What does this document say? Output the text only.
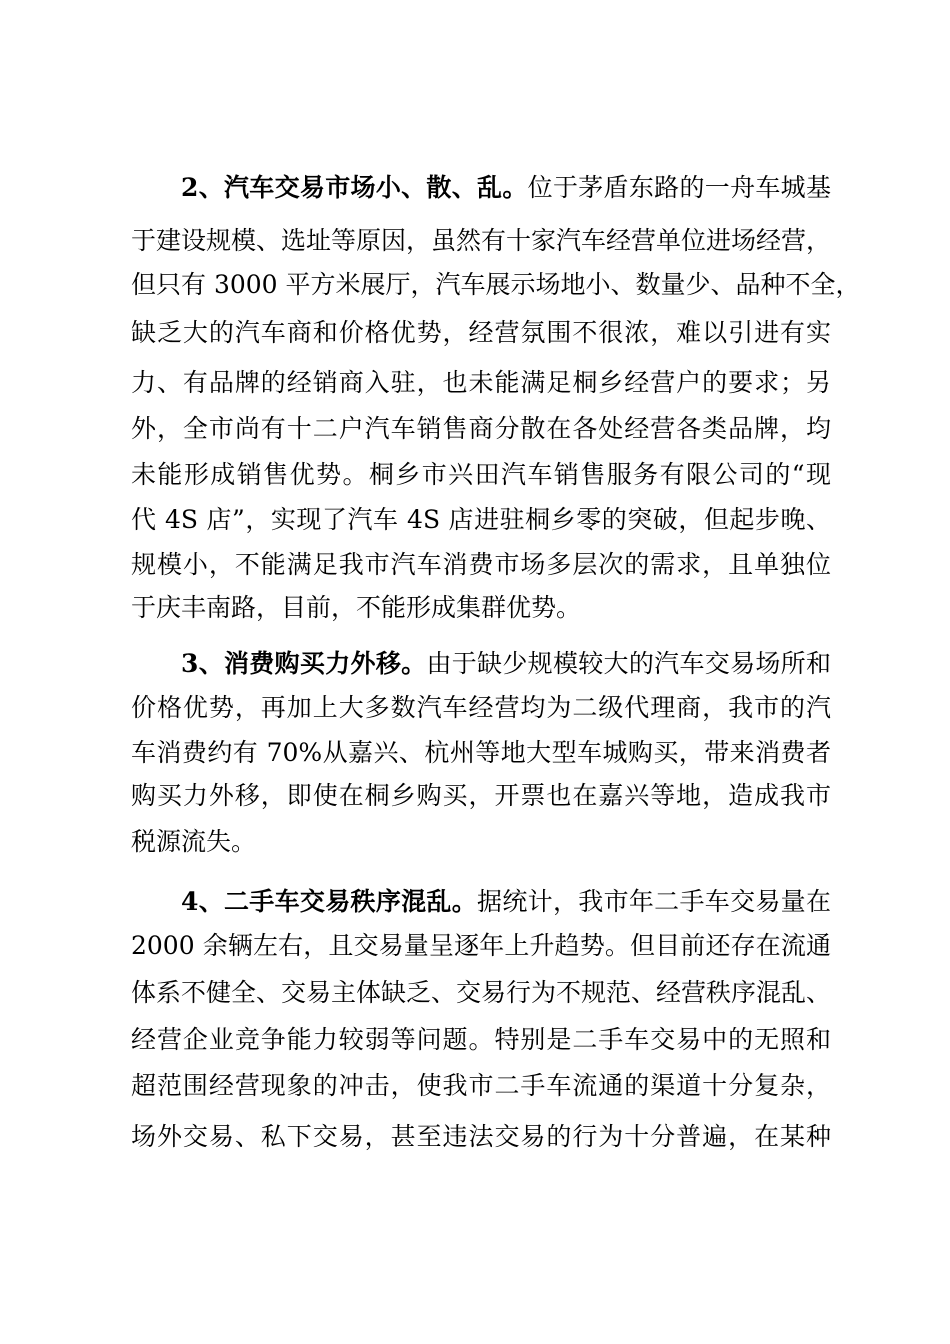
2、汽车交易市场小、散、乱。位于茅盾东路的一舟车城基
于建设规模、选址等原因，虽然有十家汽车经营单位进场经营，
但只有 3000 平方米展厅，汽车展示场地小、数量少、品种不全，
缺乏大的汽车商和价格优势，经营氛围不很浓，难以引进有实
力、有品牌的经销商入驻，也未能满足桐乡经营户的要求；另
外，全市尚有十二户汽车销售商分散在各处经营各类品牌，均
未能形成销售优势。桐乡市兴田汽车销售服务有限公司的“现
代 4S 店”，实现了汽车 4S 店进驻桐乡零的突破，但起步晚、
规模小，不能满足我市汽车消费市场多层次的需求，且单独位
于庆丰南路，目前，不能形成集群优势。
3、消费购买力外移。由于缺少规模较大的汽车交易场所和
价格优势，再加上大多数汽车经营均为二级代理商，我市的汽
车消费约有 70%从嘉兴、杭州等地大型车城购买，带来消费者
购买力外移，即使在桐乡购买，开票也在嘉兴等地，造成我市
税源流失。
4、二手车交易秩序混乱。据统计，我市年二手车交易量在
2000 余辆左右，且交易量呈逐年上升趋势。但目前还存在流通
体系不健全、交易主体缺乏、交易行为不规范、经营秩序混乱、
经营企业竞争能力较弱等问题。特别是二手车交易中的无照和
超范围经营现象的冲击，使我市二手车流通的渠道十分复杂，
场外交易、私下交易，甚至违法交易的行为十分普遍，在某种
